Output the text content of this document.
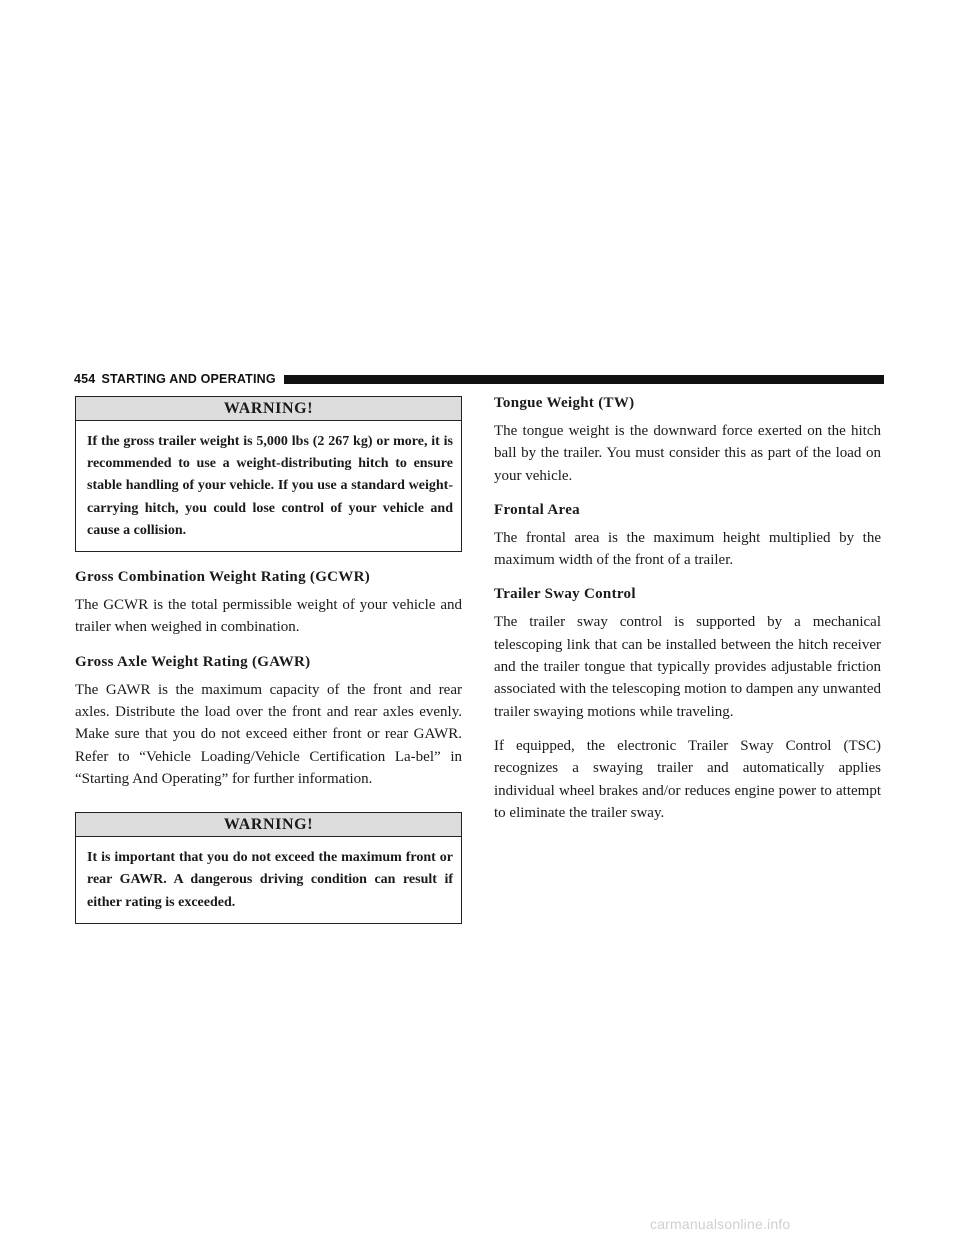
454 STARTING AND OPERATING
WARNING!
If the gross trailer weight is 5,000 lbs (2 267 kg) or more, it is recommended to use a weight-distributing hitch to ensure stable handling of your vehicle. If you use a standard weight-carrying hitch, you could lose control of your vehicle and cause a collision.
Gross Combination Weight Rating (GCWR)

The GCWR is the total permissible weight of your vehicle and trailer when weighed in combination.

Gross Axle Weight Rating (GAWR)

The GAWR is the maximum capacity of the front and rear axles. Distribute the load over the front and rear axles evenly. Make sure that you do not exceed either front or rear GAWR. Refer to “Vehicle Loading/Vehicle Certification La-bel” in “Starting And Operating” for further information.

WARNING!
It is important that you do not exceed the maximum front or rear GAWR. A dangerous driving condition can result if either rating is exceeded.
Tongue Weight (TW)

The tongue weight is the downward force exerted on the hitch ball by the trailer. You must consider this as part of the load on your vehicle.

Frontal Area

The frontal area is the maximum height multiplied by the maximum width of the front of a trailer.

Trailer Sway Control

The trailer sway control is supported by a mechanical telescoping link that can be installed between the hitch receiver and the trailer tongue that typically provides adjustable friction associated with the telescoping motion to dampen any unwanted trailer swaying motions while traveling.

If equipped, the electronic Trailer Sway Control (TSC) recognizes a swaying trailer and automatically applies individual wheel brakes and/or reduces engine power to attempt to eliminate the trailer sway.

carmanualsonline.info
